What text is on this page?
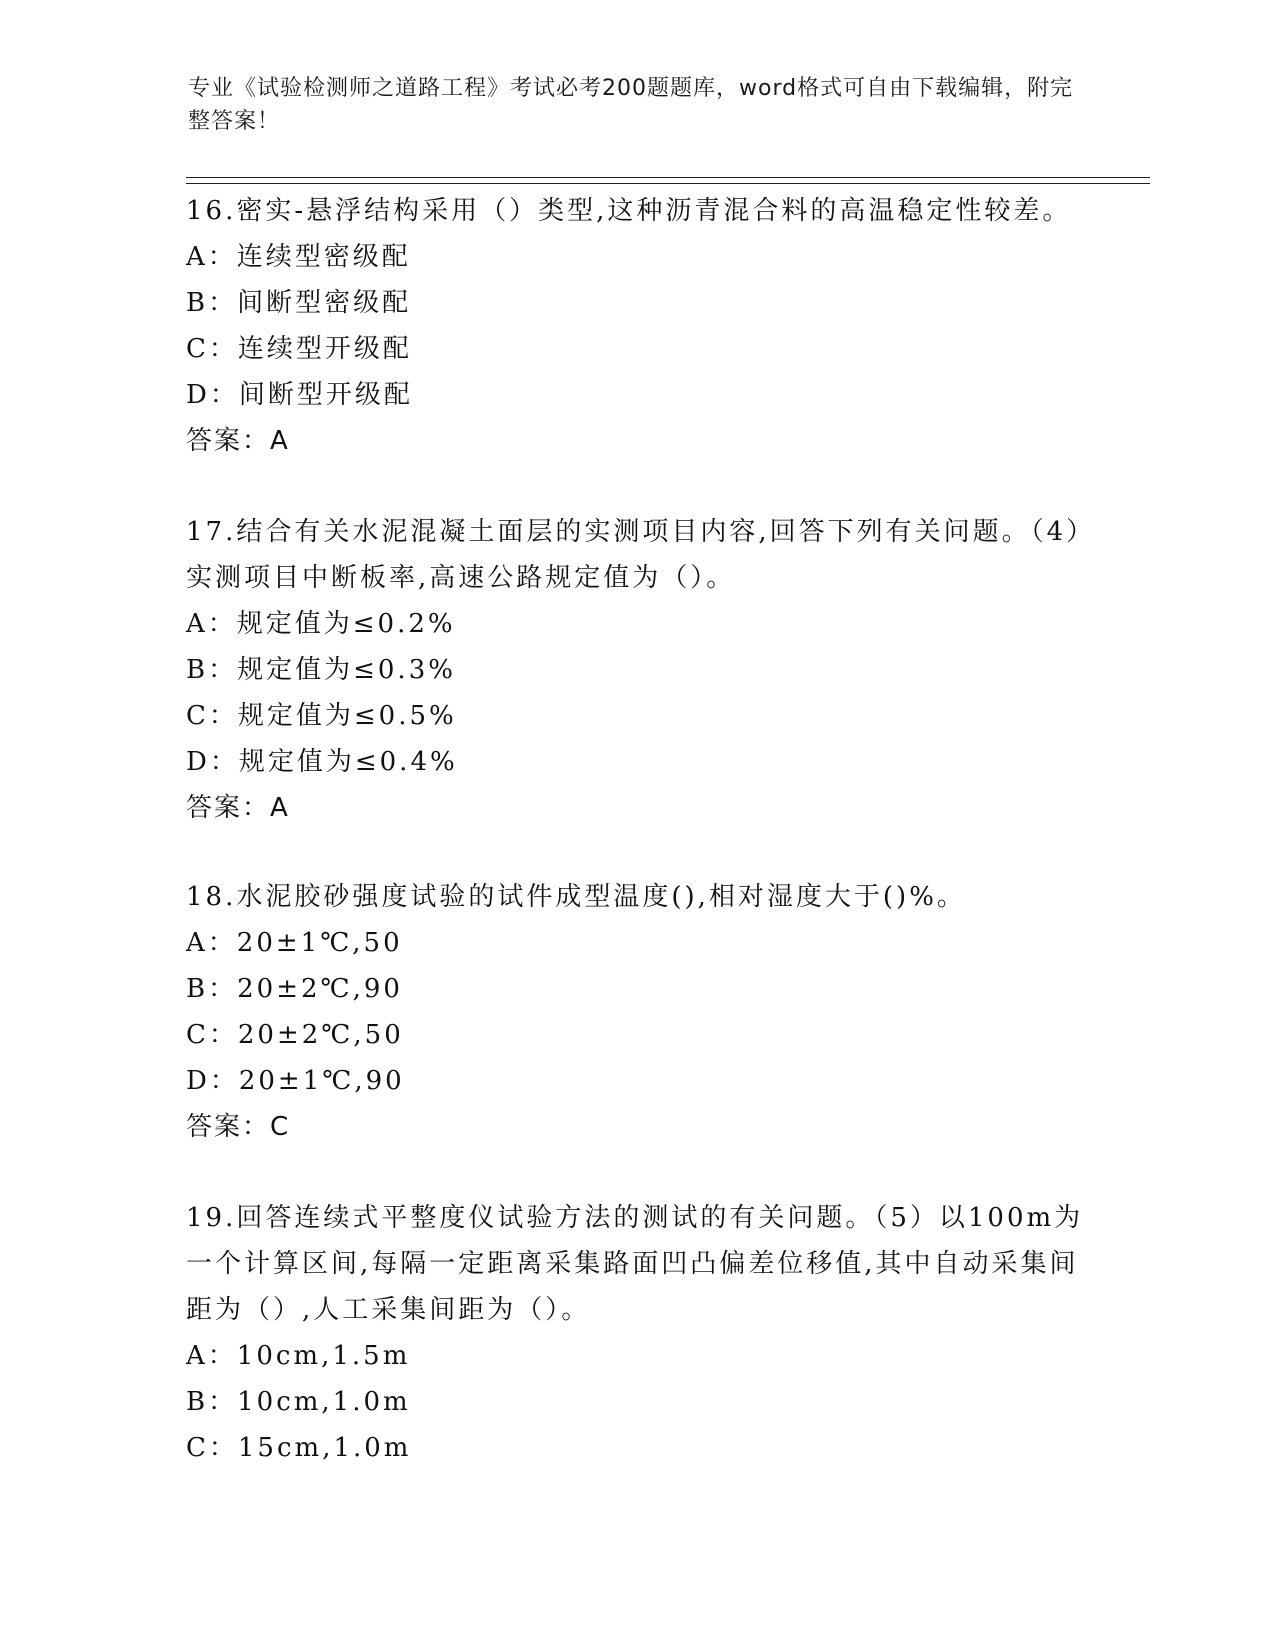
专业《试验检测师之道路工程》考试必考200题题库，word格式可自由下载编辑，附完整答案！

16.密实-悬浮结构采用（）类型,这种沥青混合料的高温稳定性较差。

A：连续型密级配

B：间断型密级配

C：连续型开级配

D：间断型开级配

答案：A

17.结合有关水泥混凝土面层的实测项目内容,回答下列有关问题。（4）实测项目中断板率,高速公路规定值为（）。

A：规定值为≤0.2%

B：规定值为≤0.3%

C：规定值为≤0.5%

D：规定值为≤0.4%

答案：A

18.水泥胶砂强度试验的试件成型温度(),相对湿度大于()%。

A：20±1℃,50

B：20±2℃,90

C：20±2℃,50

D：20±1℃,90

答案：C

19.回答连续式平整度仪试验方法的测试的有关问题。（5）以100m为一个计算区间,每隔一定距离采集路面凹凸偏差位移值,其中自动采集间距为（）,人工采集间距为（）。

A：10cm,1.5m

B：10cm,1.0m

C：15cm,1.0m
